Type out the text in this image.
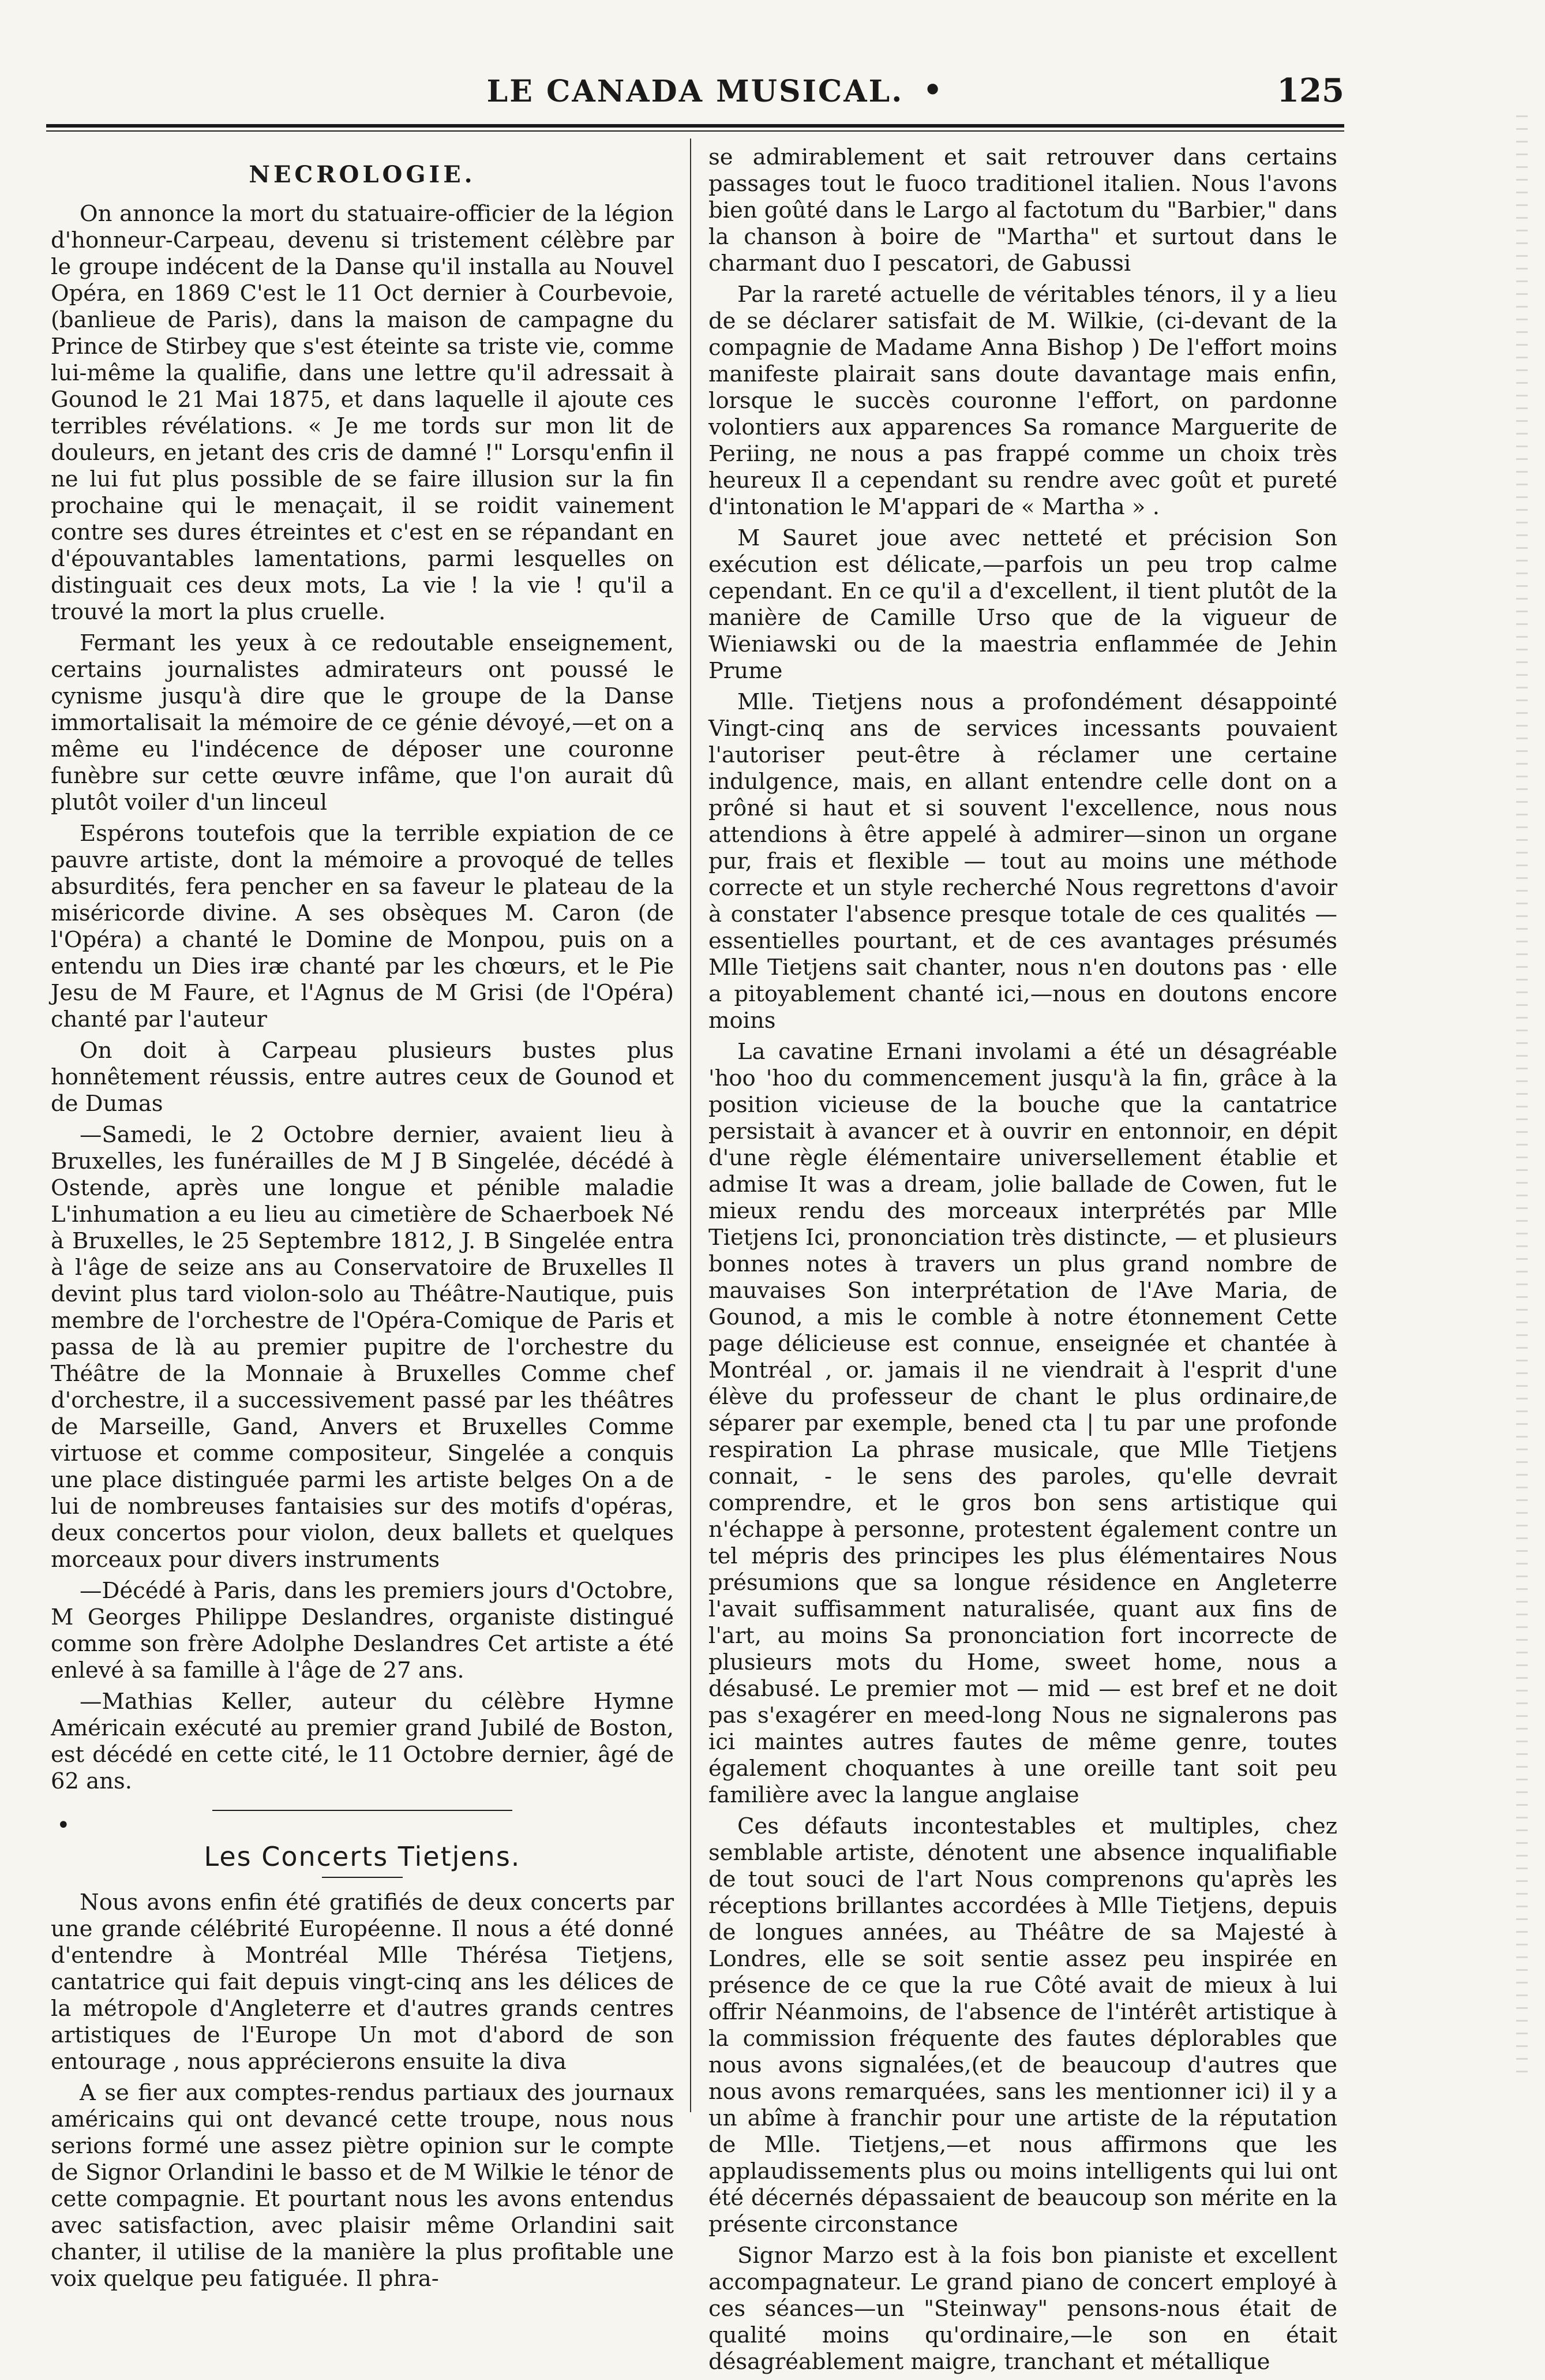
LE CANADA MUSICAL. •	125
NECROLOGIE.

On annonce la mort du statuaire-officier de la légion d'honneur-Carpeau, devenu si tristement célèbre par le groupe indécent de la Danse qu'il installa au Nouvel Opéra, en 1869 C'est le 11 Oct dernier à Courbevoie,(banlieue de Paris), dans la maison de campagne du Prince de Stirbey que s'est éteinte sa triste vie, comme lui-même la qualifie, dans une lettre qu'il adressait à Gounod le 21 Mai 1875, et dans laquelle il ajoute ces terribles révélations. « Je me tords sur mon lit de douleurs, en jetant des cris de damné !" Lorsqu'enfin il ne lui fut plus possible de se faire illusion sur la fin prochaine qui le menaçait, il se roidit vainement contre ses dures étreintes et c'est en se répandant en d'épouvantables lamentations, parmi lesquelles on distinguait ces deux mots, La vie ! la vie ! qu'il a trouvé la mort la plus cruelle.

Fermant les yeux à ce redoutable enseignement, certains journalistes admirateurs ont poussé le cynisme jusqu'à dire que le groupe de la Danse immortalisait la mémoire de ce génie dévoyé,—et on a même eu l'indécence de déposer une couronne funèbre sur cette œuvre infâme, que l'on aurait dû plutôt voiler d'un linceul

Espérons toutefois que la terrible expiation de ce pauvre artiste, dont la mémoire a provoqué de telles absurdités, fera pencher en sa faveur le plateau de la miséricorde divine. A ses obsèques M. Caron (de l'Opéra) a chanté le Domine de Monpou, puis on a entendu un Dies iræ chanté par les chœurs, et le Pie Jesu de M Faure, et l'Agnus de M Grisi (de l'Opéra) chanté par l'auteur

On doit à Carpeau plusieurs bustes plus honnêtement réussis, entre autres ceux de Gounod et de Dumas

—Samedi, le 2 Octobre dernier, avaient lieu à Bruxelles, les funérailles de M J B Singelée, décédé à Ostende, après une longue et pénible maladie L'inhumation a eu lieu au cimetière de Schaerboek Né à Bruxelles, le 25 Septembre 1812, J. B Singelée entra à l'âge de seize ans au Conservatoire de Bruxelles Il devint plus tard violon-solo au Théâtre-Nautique, puis membre de l'orchestre de l'Opéra-Comique de Paris et passa de là au premier pupitre de l'orchestre du Théâtre de la Monnaie à Bruxelles Comme chef d'orchestre, il a successivement passé par les théâtres de Marseille, Gand, Anvers et Bruxelles Comme virtuose et comme compositeur, Singelée a conquis une place distinguée parmi les artiste belges On a de lui de nombreuses fantaisies sur des motifs d'opéras, deux concertos pour violon, deux ballets et quelques morceaux pour divers instruments

—Décédé à Paris, dans les premiers jours d'Octobre, M Georges Philippe Deslandres, organiste distingué comme son frère Adolphe Deslandres Cet artiste a été enlevé à sa famille à l'âge de 27 ans.

—Mathias Keller, auteur du célèbre Hymne Américain exécuté au premier grand Jubilé de Boston, est décédé en cette cité, le 11 Octobre dernier, âgé de 62 ans.

•
Les Concerts Tietjens.

Nous avons enfin été gratifiés de deux concerts par une grande célébrité Européenne. Il nous a été donné d'entendre à Montréal Mlle Thérésa Tietjens, cantatrice qui fait depuis vingt-cinq ans les délices de la métropole d'Angleterre et d'autres grands centres artistiques de l'Europe Un mot d'abord de son entourage , nous apprécierons ensuite la diva

A se fier aux comptes-rendus partiaux des journaux américains qui ont devancé cette troupe, nous nous serions formé une assez piètre opinion sur le compte de Signor Orlandini le basso et de M Wilkie le ténor de cette compagnie. Et pourtant nous les avons entendus avec satisfaction, avec plaisir même Orlandini sait chanter, il utilise de la manière la plus profitable une voix quelque peu fatiguée. Il phra-

se admirablement et sait retrouver dans certains passages tout le fuoco traditionel italien. Nous l'avons bien goûté dans le Largo al factotum du "Barbier," dans la chanson à boire de "Martha" et surtout dans le charmant duo I pescatori, de Gabussi

Par la rareté actuelle de véritables ténors, il y a lieu de se déclarer satisfait de M. Wilkie, (ci-devant de la compagnie de Madame Anna Bishop ) De l'effort moins manifeste plairait sans doute davantage mais enfin, lorsque le succès couronne l'effort, on pardonne volontiers aux apparences Sa romance Marguerite de Periing, ne nous a pas frappé comme un choix très heureux Il a cependant su rendre avec goût et pureté d'intonation le M'appari de « Martha » .

M Sauret joue avec netteté et précision Son exécution est délicate,—parfois un peu trop calme cependant. En ce qu'il a d'excellent, il tient plutôt de la manière de Camille Urso que de la vigueur de Wieniawski ou de la maestria enflammée de Jehin Prume

Mlle. Tietjens nous a profondément désappointé Vingt-cinq ans de services incessants pouvaient l'autoriser peut-être à réclamer une certaine indulgence, mais, en allant entendre celle dont on a prôné si haut et si souvent l'excellence, nous nous attendions à être appelé à admirer—sinon un organe pur, frais et flexible — tout au moins une méthode correcte et un style recherché Nous regrettons d'avoir à constater l'absence presque totale de ces qualités — essentielles pourtant, et de ces avantages présumés Mlle Tietjens sait chanter, nous n'en doutons pas · elle a pitoyablement chanté ici,—nous en doutons encore moins

La cavatine Ernani involami a été un désagréable 'hoo 'hoo du commencement jusqu'à la fin, grâce à la position vicieuse de la bouche que la cantatrice persistait à avancer et à ouvrir en entonnoir, en dépit d'une règle élémentaire universellement établie et admise It was a dream, jolie ballade de Cowen, fut le mieux rendu des morceaux interprétés par Mlle Tietjens Ici, prononciation très distincte, — et plusieurs bonnes notes à travers un plus grand nombre de mauvaises Son interprétation de l'Ave Maria, de Gounod, a mis le comble à notre étonnement Cette page délicieuse est connue, enseignée et chantée à Montréal , or. jamais il ne viendrait à l'esprit d'une élève du professeur de chant le plus ordinaire,de séparer par exemple, bened cta | tu par une profonde respiration La phrase musicale, que Mlle Tietjens connait, - le sens des paroles, qu'elle devrait comprendre, et le gros bon sens artistique qui n'échappe à personne, protestent également contre un tel mépris des principes les plus élémentaires Nous présumions que sa longue résidence en Angleterre l'avait suffisamment naturalisée, quant aux fins de l'art, au moins Sa prononciation fort incorrecte de plusieurs mots du Home, sweet home, nous a désabusé. Le premier mot — mid — est bref et ne doit pas s'exagérer en meed-long Nous ne signalerons pas ici maintes autres fautes de même genre, toutes également choquantes à une oreille tant soit peu familière avec la langue anglaise

Ces défauts incontestables et multiples, chez semblable artiste, dénotent une absence inqualifiable de tout souci de l'art Nous comprenons qu'après les réceptions brillantes accordées à Mlle Tietjens, depuis de longues années, au Théâtre de sa Majesté à Londres, elle se soit sentie assez peu inspirée en présence de ce que la rue Côté avait de mieux à lui offrir Néanmoins, de l'absence de l'intérêt artistique à la commission fréquente des fautes déplorables que nous avons signalées,(et de beaucoup d'autres que nous avons remarquées, sans les mentionner ici) il y a un abîme à franchir pour une artiste de la réputation de Mlle. Tietjens,—et nous affirmons que les applaudissements plus ou moins intelligents qui lui ont été décernés dépassaient de beaucoup son mérite en la présente circonstance

Signor Marzo est à la fois bon pianiste et excellent accompagnateur. Le grand piano de concert employé à ces séances—un "Steinway" pensons-nous était de qualité moins qu'ordinaire,—le son en était désagréablement maigre, tranchant et métallique
